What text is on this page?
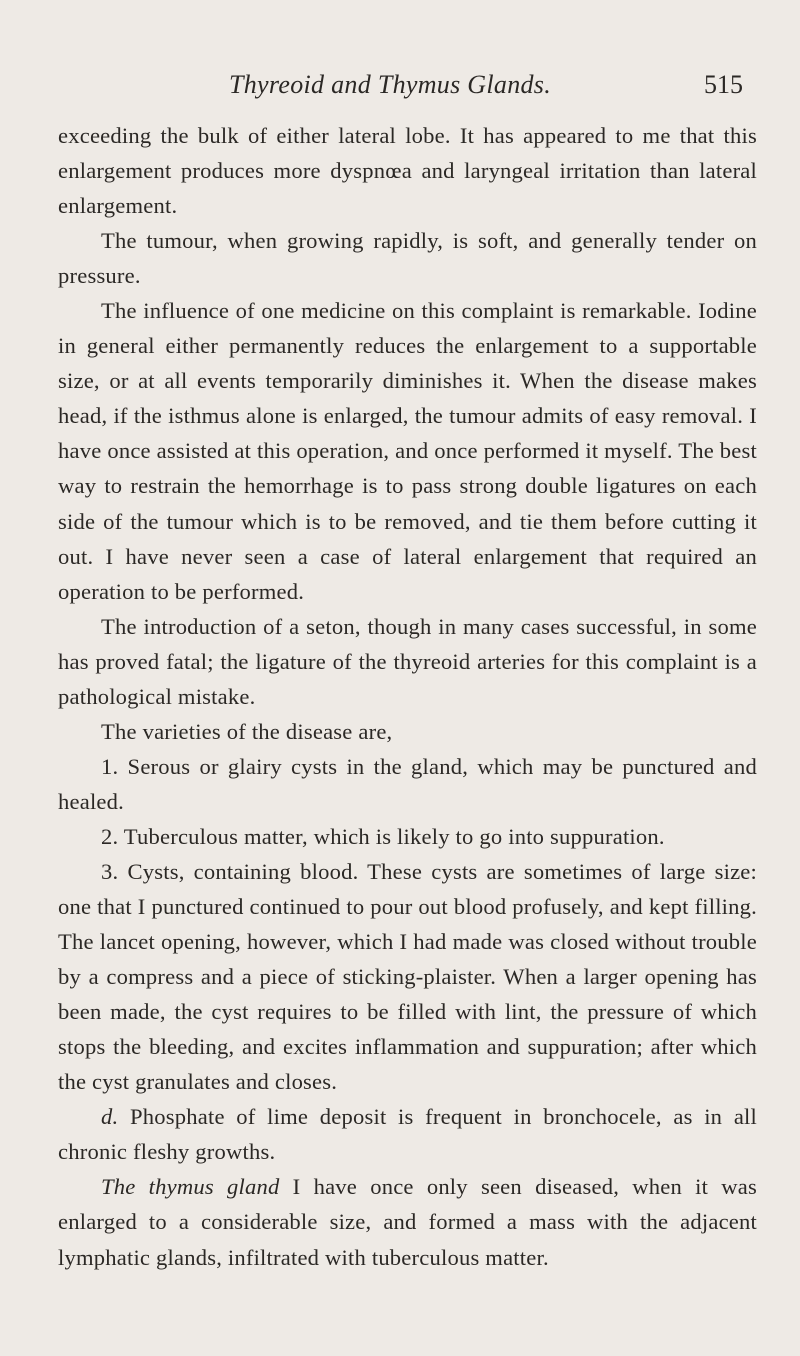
Thyreoid and Thymus Glands.	515

exceeding the bulk of either lateral lobe. It has appeared to me that this enlargement produces more dyspnœa and laryngeal irritation than lateral enlargement.

The tumour, when growing rapidly, is soft, and generally tender on pressure.

The influence of one medicine on this complaint is remarkable. Iodine in general either permanently reduces the enlargement to a supportable size, or at all events temporarily diminishes it. When the disease makes head, if the isthmus alone is enlarged, the tumour admits of easy removal. I have once assisted at this operation, and once performed it myself. The best way to restrain the hemorrhage is to pass strong double ligatures on each side of the tumour which is to be removed, and tie them before cutting it out. I have never seen a case of lateral enlargement that required an operation to be performed.

The introduction of a seton, though in many cases successful, in some has proved fatal; the ligature of the thyreoid arteries for this complaint is a pathological mistake.

The varieties of the disease are,

1. Serous or glairy cysts in the gland, which may be punctured and healed.

2. Tuberculous matter, which is likely to go into suppuration.

3. Cysts, containing blood. These cysts are sometimes of large size: one that I punctured continued to pour out blood profusely, and kept filling. The lancet opening, however, which I had made was closed without trouble by a compress and a piece of sticking-plaister. When a larger opening has been made, the cyst requires to be filled with lint, the pressure of which stops the bleeding, and excites inflammation and suppuration; after which the cyst granulates and closes.

d. Phosphate of lime deposit is frequent in bronchocele, as in all chronic fleshy growths.

The thymus gland I have once only seen diseased, when it was enlarged to a considerable size, and formed a mass with the adjacent lymphatic glands, infiltrated with tuberculous matter.
